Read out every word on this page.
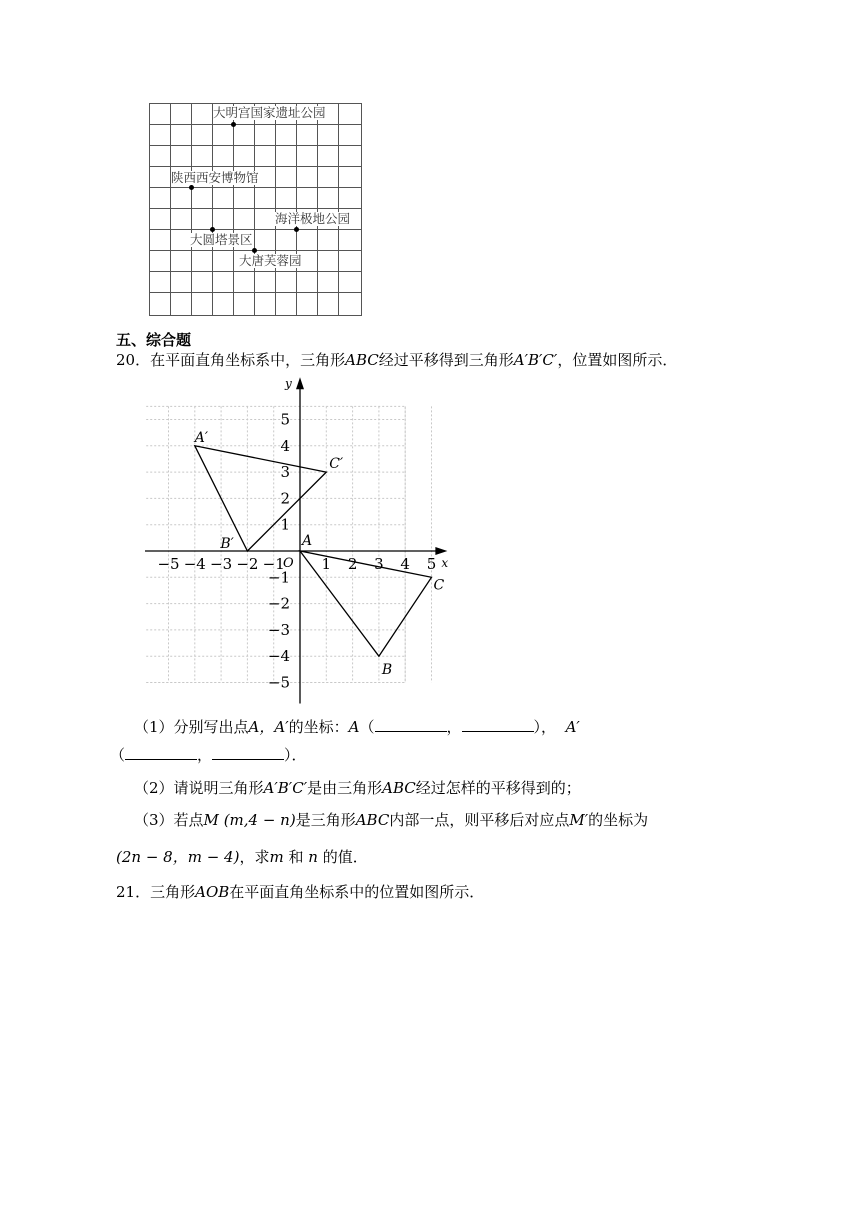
大明宫国家遗址公园
陕西西安博物馆
海洋极地公园
大圆塔景区
大唐芙蓉园
五、综合题
20．在平面直角坐标系中，三角形ABC经过平移得到三角形A′B′C′，位置如图所示．
x
y
O
−5 −4 −3 −2 −1 1 2 3 4 5
5
4
3
2
1
−1
−2
−3
−4
−5
A
B
C
A′
B′
C′
（1）分别写出点A，A′的坐标：A（	，	）， A′
（	，	）．
（2）请说明三角形A′B′C′是由三角形ABC经过怎样的平移得到的；
（3）若点M (m,4 − n)是三角形ABC内部一点，则平移后对应点M′的坐标为
(2n − 8，m − 4)，求m 和 n 的值．
21．三角形AOB在平面直角坐标系中的位置如图所示．
